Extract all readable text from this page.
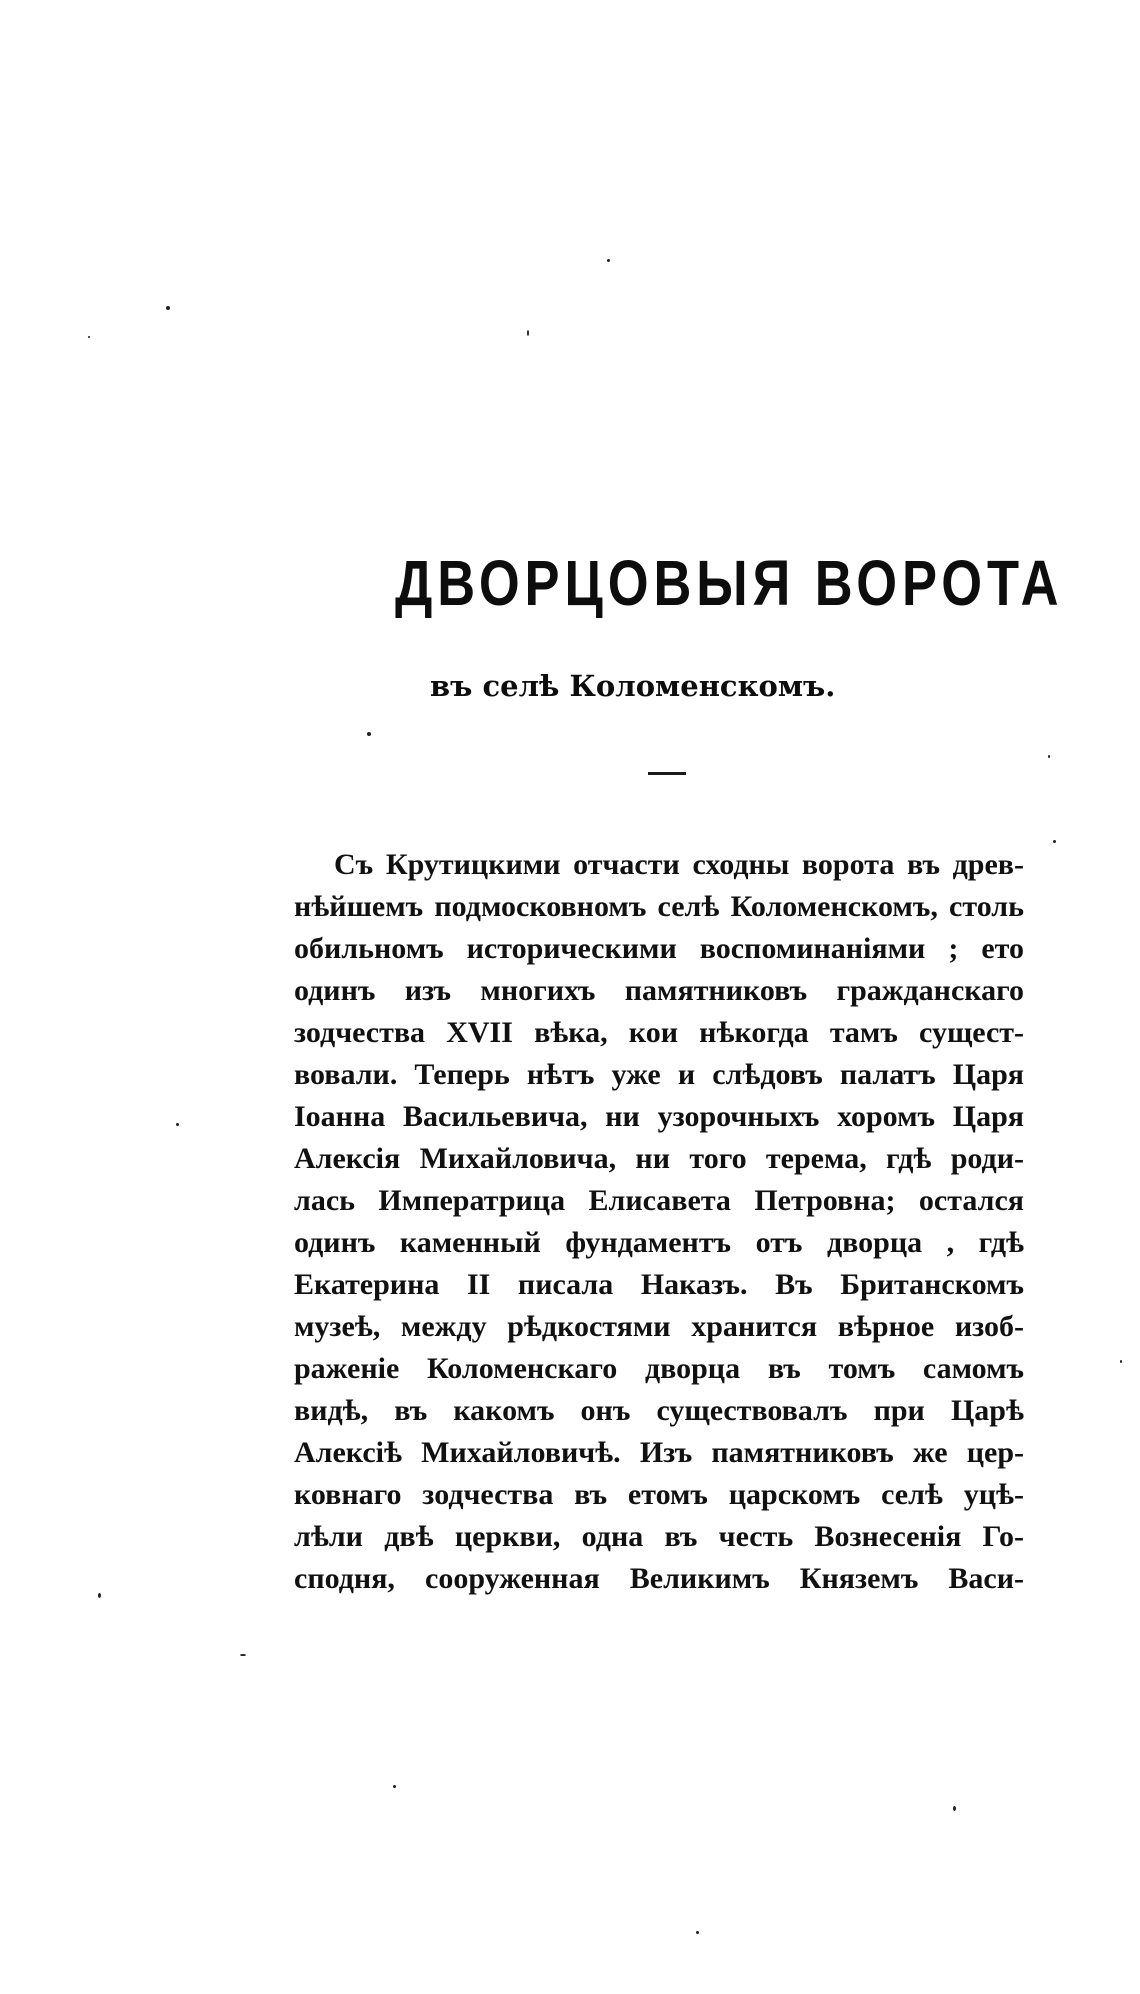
ДВОРЦОВЫЯ ВОРОТА
въ селѣ Коломенскомъ.
Съ Крутицкими отчасти сходны ворота въ древ-
нѣйшемъ подмосковномъ селѣ Коломенскомъ, столь
обильномъ историческими воспоминаніями ; ето
одинъ изъ многихъ памятниковъ гражданскаго
зодчества XVII вѣка, кои нѣкогда тамъ сущест-
вовали. Теперь нѣтъ уже и слѣдовъ палатъ Царя
Іоанна Васильевича, ни узорочныхъ хоромъ Царя
Алексія Михайловича, ни того терема, гдѣ роди-
лась Императрица Елисавета Петровна; остался
одинъ каменный фундаментъ отъ дворца , гдѣ
Екатерина II писала Наказъ. Въ Британскомъ
музеѣ, между рѣдкостями хранится вѣрное изоб-
раженіе Коломенскаго дворца въ томъ самомъ
видѣ, въ какомъ онъ существовалъ при Царѣ
Алексіѣ Михайловичѣ. Изъ памятниковъ же цер-
ковнаго зодчества въ етомъ царскомъ селѣ уцѣ-
лѣли двѣ церкви, одна въ честь Вознесенія Го-
сподня, сооруженная Великимъ Княземъ Васи-
